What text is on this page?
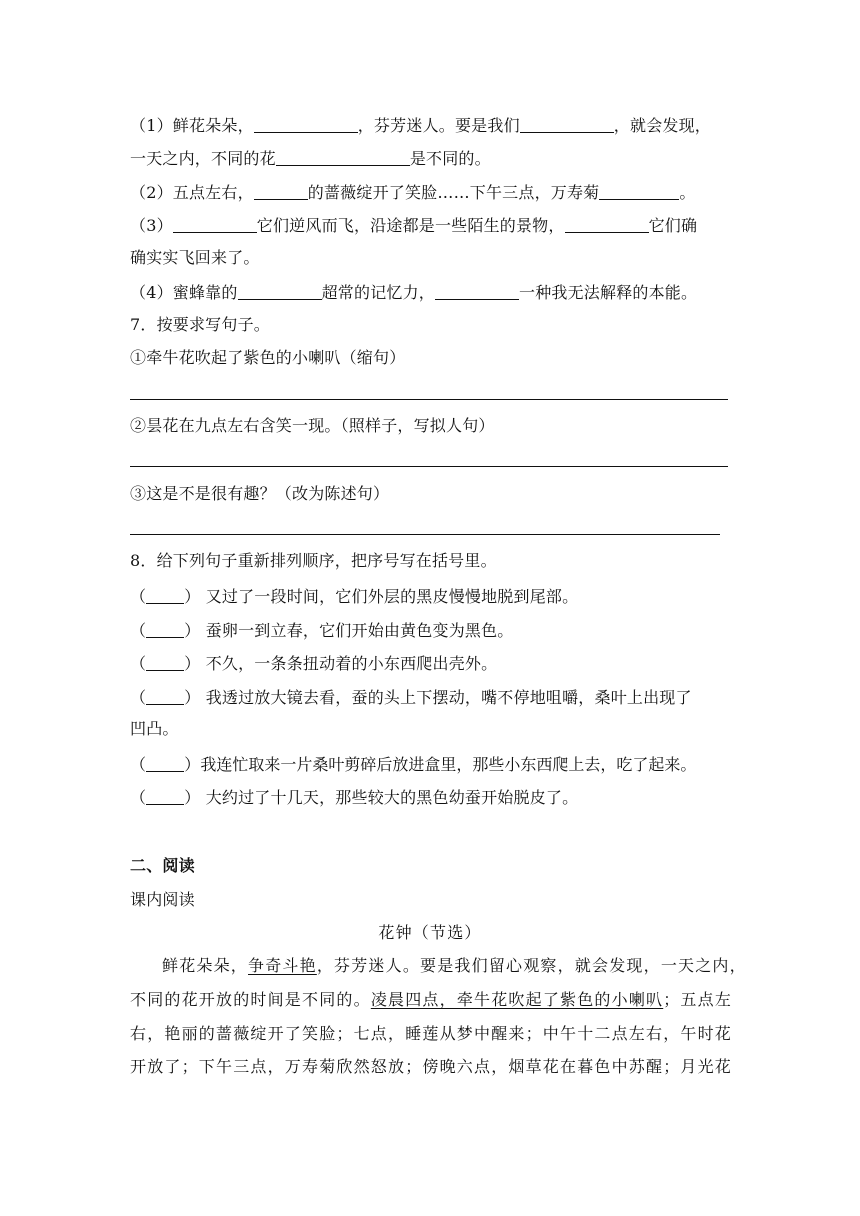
（1）鲜花朵朵，	，芬芳迷人。要是我们	，就会发现，
一天之内，不同的花	是不同的。
（2）五点左右，	的蔷薇绽开了笑脸……下午三点，万寿菊	。
（3）	它们逆风而飞，沿途都是一些陌生的景物，	它们确
确实实飞回来了。
（4）蜜蜂靠的	超常的记忆力，	一种我无法解释的本能。
7．按要求写句子。
①牵牛花吹起了紫色的小喇叭（缩句）
②昙花在九点左右含笑一现。（照样子，写拟人句）
③这是不是很有趣？（改为陈述句）
8．给下列句子重新排列顺序，把序号写在括号里。
（ ） 又过了一段时间，它们外层的黑皮慢慢地脱到尾部。
（ ） 蚕卵一到立春，它们开始由黄色变为黑色。
（ ） 不久，一条条扭动着的小东西爬出壳外。
（ ） 我透过放大镜去看，蚕的头上下摆动，嘴不停地咀嚼，桑叶上出现了
凹凸。
（ ）我连忙取来一片桑叶剪碎后放进盒里，那些小东西爬上去，吃了起来。
（ ） 大约过了十几天，那些较大的黑色幼蚕开始脱皮了。
二、阅读
课内阅读
花钟（节选）
鲜花朵朵，争奇斗艳，芬芳迷人。要是我们留心观察，就会发现，一天之内，
不同的花开放的时间是不同的。凌晨四点，牵牛花吹起了紫色的小喇叭；五点左
右，艳丽的蔷薇绽开了笑脸；七点，睡莲从梦中醒来；中午十二点左右，午时花
开放了；下午三点，万寿菊欣然怒放；傍晚六点，烟草花在暮色中苏醒；月光花
